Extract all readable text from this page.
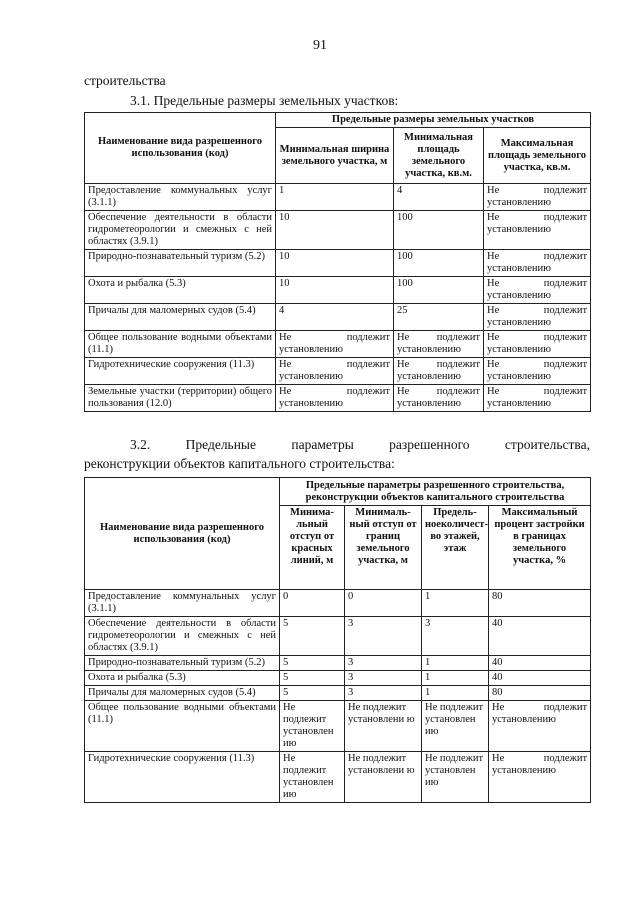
91
строительства
3.1. Предельные размеры земельных участков:
Наименование вида разрешенного использования (код)	Предельные размеры земельных участков		
	Минимальная ширина земельного участка, м	Минимальная площадь земельного участка, кв.м.	Максимальная площадь земельного участка, кв.м.
Предоставление коммунальных услуг (3.1.1)	1	4	Не подлежит установлению
Обеспечение деятельности в области гидрометеорологии и смежных с ней областях (3.9.1)	10	100	Не подлежит установлению
Природно-познавательный туризм (5.2)	10	100	Не подлежит установлению
Охота и рыбалка (5.3)	10	100	Не подлежит установлению
Причалы для маломерных судов (5.4)	4	25	Не подлежит установлению
Общее пользование водными объектами (11.1)	Не подлежит установлению	Не подлежит установлению	Не подлежит установлению
Гидротехнические сооружения (11.3)	Не подлежит установлению	Не подлежит установлению	Не подлежит установлению
Земельные участки (территории) общего пользования (12.0)	Не подлежит установлению	Не подлежит установлению	Не подлежит установлению
3.2.	Предельные	параметры	разрешенного	строительства,
реконструкции объектов капитального строительства:
Наименование вида разрешенного использования (код)	Предельные параметры разрешенного строительства, реконструкции объектов капитального строительства			
	Минима-льный отступ от красных линий, м	Минималь-ный отступ от границ земельного участка, м	Предель-ноеколичест-во этажей, этаж	Максимальный процент застройки в границах земельного участка, %
Предоставление коммунальных услуг (3.1.1)	0	0	1	80
Обеспечение деятельности в области гидрометеорологии и смежных с ней областях (3.9.1)	5	3	3	40
Природно-познавательный туризм (5.2)	5	3	1	40
Охота и рыбалка (5.3)	5	3	1	40
Причалы для маломерных судов (5.4)	5	3	1	80
Общее пользование водными объектами (11.1)	Не подлежит установлен ию	Не подлежит установлени ю	Не подлежит установлен ию	Не подлежит установлению
Гидротехнические сооружения (11.3)	Не подлежит установлен ию	Не подлежит установлени ю	Не подлежит установлен ию	Не подлежит установлению
